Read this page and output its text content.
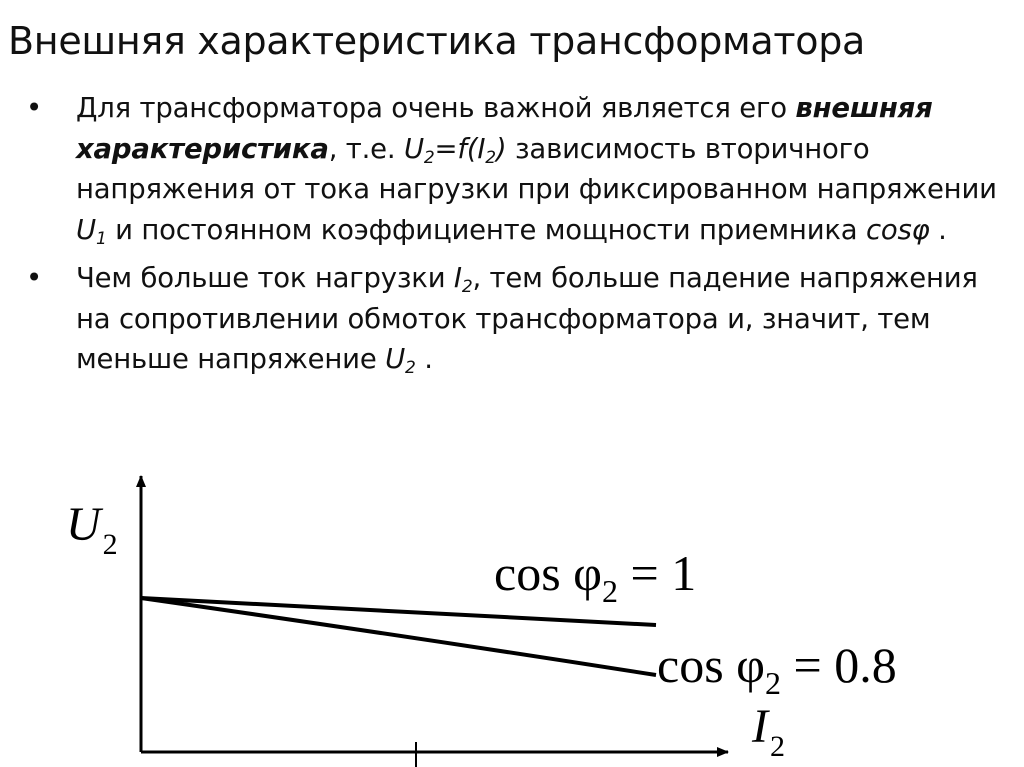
Внешняя характеристика трансформатора
• Для трансформатора очень важной является его внешняя характеристика, т.е. $U_2=f(I_2)$ зависимость вторичного напряжения от тока нагрузки при фиксированном напряжении $U_1$ и постоянном коэффициенте мощности приемника cosφ .
• Чем больше ток нагрузки $I_2$, тем больше падение напряжения на сопротивлении обмоток трансформатора и, значит, тем меньше напряжение $U_2$ .
$U_2$
$I_2$
$\cos \varphi_2 = 1$
$\cos \varphi_2 = 0.8$
